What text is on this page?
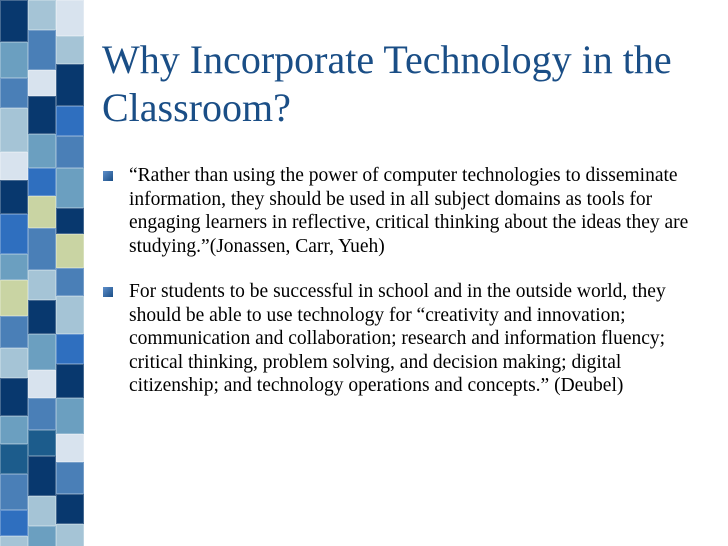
Why Incorporate Technology in the Classroom?
“Rather than using the power of computer technologies to disseminate information, they should be used in all subject domains as tools for engaging learners in reflective, critical thinking about the ideas they are studying.”(Jonassen, Carr, Yueh)
For students to be successful in school and in the outside world, they should be able to use technology for “creativity and innovation; communication and collaboration; research and information fluency; critical thinking, problem solving, and decision making; digital citizenship; and technology operations and concepts.” (Deubel)
